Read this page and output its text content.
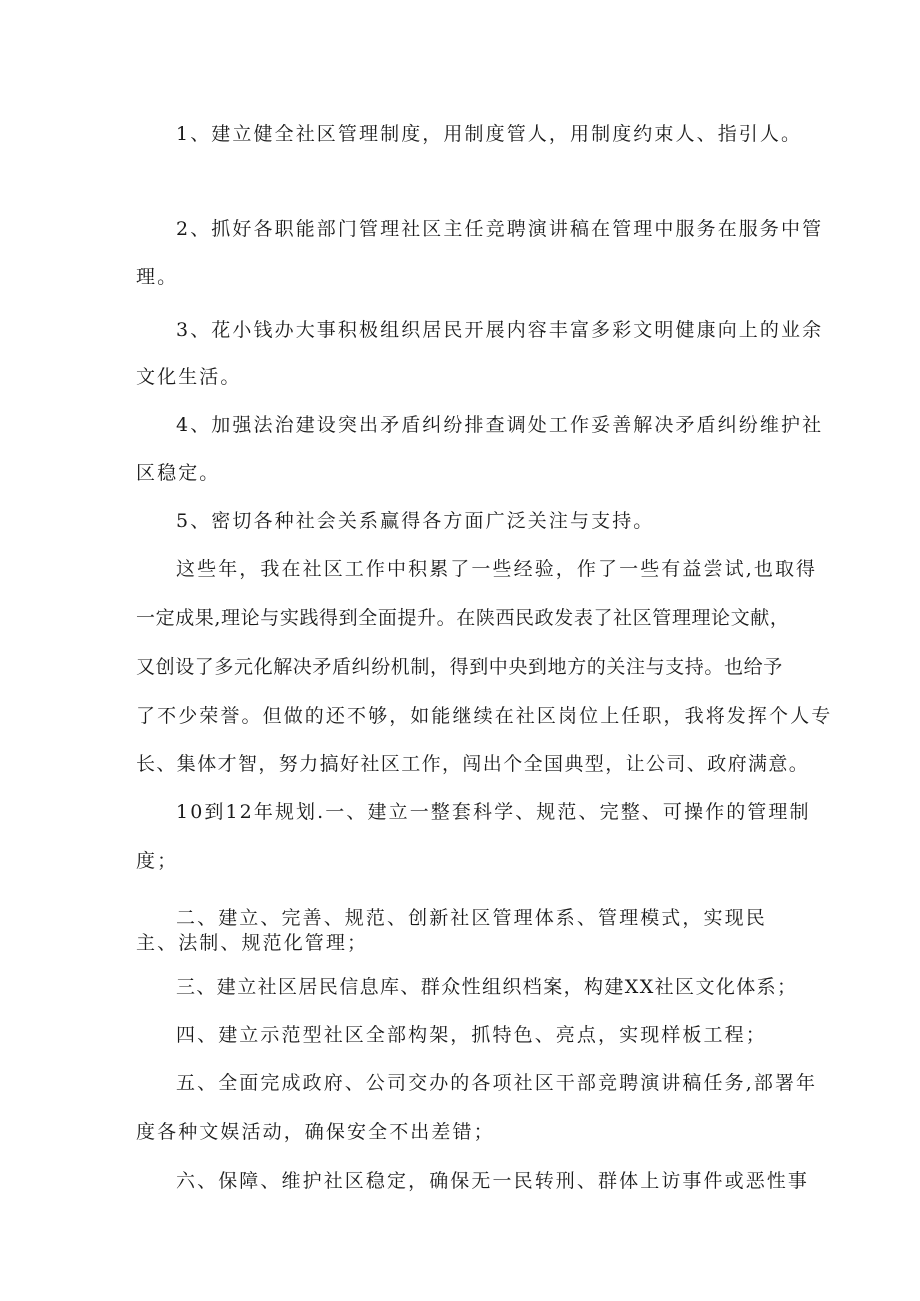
1、建立健全社区管理制度，用制度管人，用制度约束人、指引人。
2、抓好各职能部门管理社区主任竞聘演讲稿在管理中服务在服务中管
理。
3、花小钱办大事积极组织居民开展内容丰富多彩文明健康向上的业余
文化生活。
4、加强法治建设突出矛盾纠纷排查调处工作妥善解决矛盾纠纷维护社
区稳定。
5、密切各种社会关系赢得各方面广泛关注与支持。
这些年，我在社区工作中积累了一些经验，作了一些有益尝试,也取得
一定成果,理论与实践得到全面提升。在陕西民政发表了社区管理理论文献，
又创设了多元化解决矛盾纠纷机制，得到中央到地方的关注与支持。也给予
了不少荣誉。但做的还不够，如能继续在社区岗位上任职，我将发挥个人专
长、集体才智，努力搞好社区工作，闯出个全国典型，让公司、政府满意。
10到12年规划.一、建立一整套科学、规范、完整、可操作的管理制
度；
二、建立、完善、规范、创新社区管理体系、管理模式，实现民
主、法制、规范化管理；
三、建立社区居民信息库、群众性组织档案，构建XX社区文化体系；
四、建立示范型社区全部构架，抓特色、亮点，实现样板工程；
五、全面完成政府、公司交办的各项社区干部竞聘演讲稿任务,部署年
度各种文娱活动，确保安全不出差错；
六、保障、维护社区稳定，确保无一民转刑、群体上访事件或恶性事
